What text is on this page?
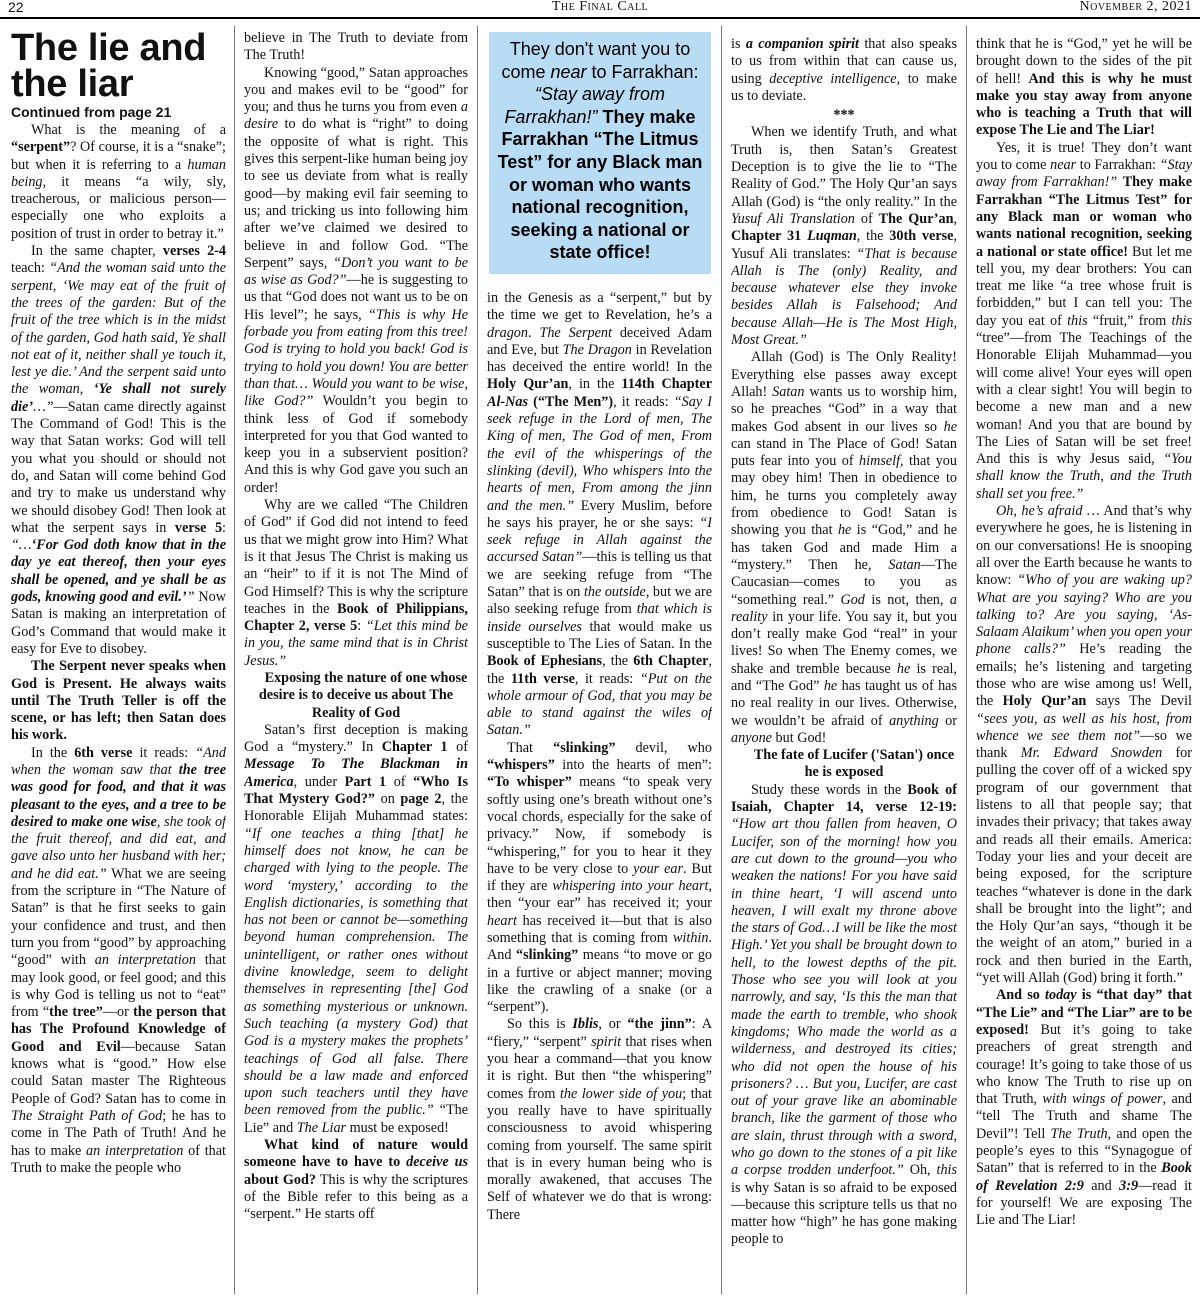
22	The Final Call	November 2, 2021
The lie and the liar
Continued from page 21

What is the meaning of a “serpent”? Of course, it is a “snake”; but when it is referring to a human being, it means “a wily, sly, treacherous, or malicious person—especially one who exploits a position of trust in order to betray it.”

In the same chapter, verses 2-4 teach: “And the woman said unto the serpent, ‘We may eat of the fruit of the trees of the garden: But of the fruit of the tree which is in the midst of the garden, God hath said, Ye shall not eat of it, neither shall ye touch it, lest ye die.’ And the serpent said unto the woman, ‘Ye shall not surely die’…”—Satan came directly against The Command of God! This is the way that Satan works: God will tell you what you should or should not do, and Satan will come behind God and try to make us understand why we should disobey God! Then look at what the serpent says in verse 5: “…‘For God doth know that in the day ye eat thereof, then your eyes shall be opened, and ye shall be as gods, knowing good and evil.’” Now Satan is making an interpretation of God’s Command that would make it easy for Eve to disobey.

The Serpent never speaks when God is Present. He always waits until The Truth Teller is off the scene, or has left; then Satan does his work.

In the 6th verse it reads: “And when the woman saw that the tree was good for food, and that it was pleasant to the eyes, and a tree to be desired to make one wise, she took of the fruit thereof, and did eat, and gave also unto her husband with her; and he did eat.” What we are seeing from the scripture in “The Nature of Satan” is that he first seeks to gain your confidence and trust, and then turn you from “good” by approaching “good” with an interpretation that may look good, or feel good; and this is why God is telling us not to “eat” from “the tree”—or the person that has The Profound Knowledge of Good and Evil—because Satan knows what is “good.” How else could Satan master The Righteous People of God? Satan has to come in The Straight Path of God; he has to come in The Path of Truth! And he has to make an interpretation of that Truth to make the people who

believe in The Truth to deviate from The Truth!

Knowing “good,” Satan approaches you and makes evil to be “good” for you; and thus he turns you from even a desire to do what is “right” to doing the opposite of what is right. This gives this serpent-like human being joy to see us deviate from what is really good—by making evil fair seeming to us; and tricking us into following him after we’ve claimed we desired to believe in and follow God. “The Serpent” says, “Don’t you want to be as wise as God?”—he is suggesting to us that “God does not want us to be on His level”; he says, “This is why He forbade you from eating from this tree! God is trying to hold you back! God is trying to hold you down! You are better than that… Would you want to be wise, like God?” Wouldn’t you begin to think less of God if somebody interpreted for you that God wanted to keep you in a subservient position? And this is why God gave you such an order!

Why are we called “The Children of God” if God did not intend to feed us that we might grow into Him? What is it that Jesus The Christ is making us an “heir” to if it is not The Mind of God Himself? This is why the scripture teaches in the Book of Philippians, Chapter 2, verse 5: “Let this mind be in you, the same mind that is in Christ Jesus.”

Exposing the nature of one whose desire is to deceive us about The Reality of God

Satan’s first deception is making God a “mystery.” In Chapter 1 of Message To The Blackman in America, under Part 1 of “Who Is That Mystery God?” on page 2, the Honorable Elijah Muhammad states: “If one teaches a thing [that] he himself does not know, he can be charged with lying to the people. The word ‘mystery,’ according to the English dictionaries, is something that has not been or cannot be—something beyond human comprehension. The unintelligent, or rather ones without divine knowledge, seem to delight themselves in representing [the] God as something mysterious or unknown. Such teaching (a mystery God) that God is a mystery makes the prophets’ teachings of God all false. There should be a law made and enforced upon such teachers until they have been removed from the public.” “The Lie” and The Liar must be exposed!

What kind of nature would someone have to have to deceive us about God? This is why the scriptures of the Bible refer to this being as a “serpent.” He starts off

They don't want you to come near to Farrakhan: “Stay away from Farrakhan!” They make Farrakhan “The Litmus Test” for any Black man or woman who wants national recognition, seeking a national or state office!

in the Genesis as a “serpent,” but by the time we get to Revelation, he’s a dragon. The Serpent deceived Adam and Eve, but The Dragon in Revelation has deceived the entire world! In the Holy Qur’an, in the 114th Chapter Al-Nas (“The Men”), it reads: “Say I seek refuge in the Lord of men, The King of men, The God of men, From the evil of the whisperings of the slinking (devil), Who whispers into the hearts of men, From among the jinn and the men.” Every Muslim, before he says his prayer, he or she says: “I seek refuge in Allah against the accursed Satan”—this is telling us that we are seeking refuge from “The Satan” that is on the outside, but we are also seeking refuge from that which is inside ourselves that would make us susceptible to The Lies of Satan. In the Book of Ephesians, the 6th Chapter, the 11th verse, it reads: “Put on the whole armour of God, that you may be able to stand against the wiles of Satan.”

That “slinking” devil, who “whispers” into the hearts of men”: “To whisper” means “to speak very softly using one’s breath without one’s vocal chords, especially for the sake of privacy.” Now, if somebody is “whispering,” for you to hear it they have to be very close to your ear. But if they are whispering into your heart, then “your ear” has received it; your heart has received it—but that is also something that is coming from within. And “slinking” means “to move or go in a furtive or abject manner; moving like the crawling of a snake (or a “serpent”).

So this is Iblis, or “the jinn”: A “fiery,” “serpent” spirit that rises when you hear a command—that you know it is right. But then “the whispering” comes from the lower side of you; that you really have to have spiritually consciousness to avoid whispering coming from yourself. The same spirit that is in every human being who is morally awakened, that accuses The Self of whatever we do that is wrong: There

is a companion spirit that also speaks to us from within that can cause us, using deceptive intelligence, to make us to deviate.

***

When we identify Truth, and what Truth is, then Satan’s Greatest Deception is to give the lie to “The Reality of God.” The Holy Qur’an says Allah (God) is “the only reality.” In the Yusuf Ali Translation of The Qur’an, Chapter 31 Luqman, the 30th verse, Yusuf Ali translates: “That is because Allah is The (only) Reality, and because whatever else they invoke besides Allah is Falsehood; And because Allah—He is The Most High, Most Great.”

Allah (God) is The Only Reality! Everything else passes away except Allah! Satan wants us to worship him, so he preaches “God” in a way that makes God absent in our lives so he can stand in The Place of God! Satan puts fear into you of himself, that you may obey him! Then in obedience to him, he turns you completely away from obedience to God! Satan is showing you that he is “God,” and he has taken God and made Him a “mystery.” Then he, Satan—The Caucasian—comes to you as “something real.” God is not, then, a reality in your life. You say it, but you don’t really make God “real” in your lives! So when The Enemy comes, we shake and tremble because he is real, and “The God” he has taught us of has no real reality in our lives. Otherwise, we wouldn’t be afraid of anything or anyone but God!

The fate of Lucifer ('Satan') once he is exposed

Study these words in the Book of Isaiah, Chapter 14, verse 12-19: “How art thou fallen from heaven, O Lucifer, son of the morning! how you are cut down to the ground—you who weaken the nations! For you have said in thine heart, ‘I will ascend unto heaven, I will exalt my throne above the stars of God…I will be like the most High.’ Yet you shall be brought down to hell, to the lowest depths of the pit. Those who see you will look at you narrowly, and say, ‘Is this the man that made the earth to tremble, who shook kingdoms; Who made the world as a wilderness, and destroyed its cities; who did not open the house of his prisoners? … But you, Lucifer, are cast out of your grave like an abominable branch, like the garment of those who are slain, thrust through with a sword, who go down to the stones of a pit like a corpse trodden underfoot.” Oh, this is why Satan is so afraid to be exposed—because this scripture tells us that no matter how “high” he has gone making people to

think that he is “God,” yet he will be brought down to the sides of the pit of hell! And this is why he must make you stay away from anyone who is teaching a Truth that will expose The Lie and The Liar!

Yes, it is true! They don’t want you to come near to Farrakhan: “Stay away from Farrakhan!” They make Farrakhan “The Litmus Test” for any Black man or woman who wants national recognition, seeking a national or state office! But let me tell you, my dear brothers: You can treat me like “a tree whose fruit is forbidden,” but I can tell you: The day you eat of this “fruit,” from this “tree”—from The Teachings of the Honorable Elijah Muhammad—you will come alive! Your eyes will open with a clear sight! You will begin to become a new man and a new woman! And you that are bound by The Lies of Satan will be set free! And this is why Jesus said, “You shall know the Truth, and the Truth shall set you free.”

Oh, he’s afraid … And that’s why everywhere he goes, he is listening in on our conversations! He is snooping all over the Earth because he wants to know: “Who of you are waking up? What are you saying? Who are you talking to? Are you saying, ‘As-Salaam Alaikum’ when you open your phone calls?” He’s reading the emails; he’s listening and targeting those who are wise among us! Well, the Holy Qur’an says The Devil “sees you, as well as his host, from whence we see them not”—so we thank Mr. Edward Snowden for pulling the cover off of a wicked spy program of our government that listens to all that people say; that invades their privacy; that takes away and reads all their emails. America: Today your lies and your deceit are being exposed, for the scripture teaches “whatever is done in the dark shall be brought into the light”; and the Holy Qur’an says, “though it be the weight of an atom,” buried in a rock and then buried in the Earth, “yet will Allah (God) bring it forth.”

And so today is “that day” that “The Lie” and “The Liar” are to be exposed! But it’s going to take preachers of great strength and courage! It’s going to take those of us who know The Truth to rise up on that Truth, with wings of power, and “tell The Truth and shame The Devil”! Tell The Truth, and open the people’s eyes to this “Synagogue of Satan” that is referred to in the Book of Revelation 2:9 and 3:9—read it for yourself! We are exposing The Lie and The Liar!
